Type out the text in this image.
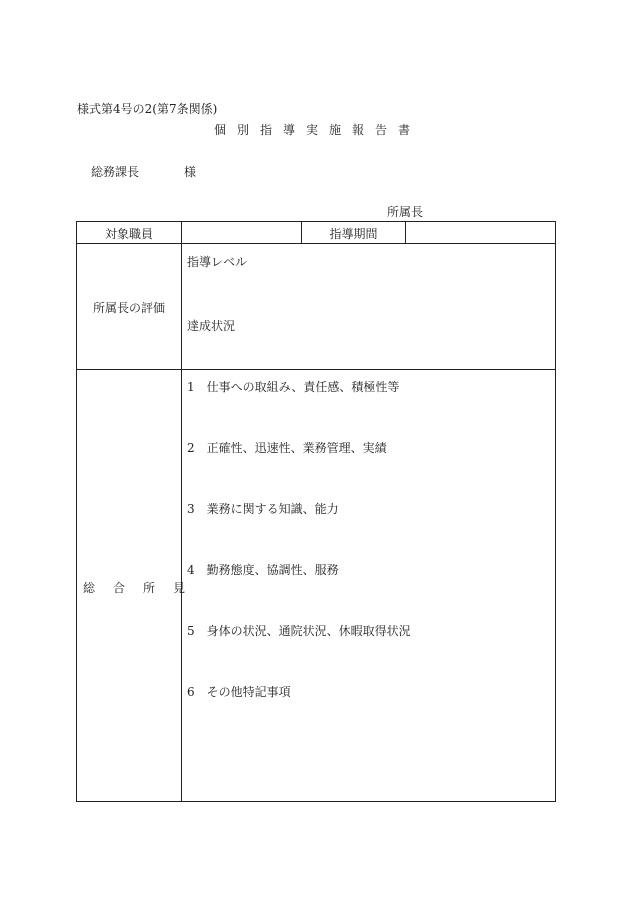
様式第4号の2(第7条関係)
個別指導実施報告書
総務課長	様
所属長
対象職員	指導期間
所属長の評価
指導レベル
達成状況
総合所見
1　仕事への取組み、責任感、積極性等
2　正確性、迅速性、業務管理、実績
3　業務に関する知識、能力
4　勤務態度、協調性、服務
5　身体の状況、通院状況、休暇取得状況
6　その他特記事項
